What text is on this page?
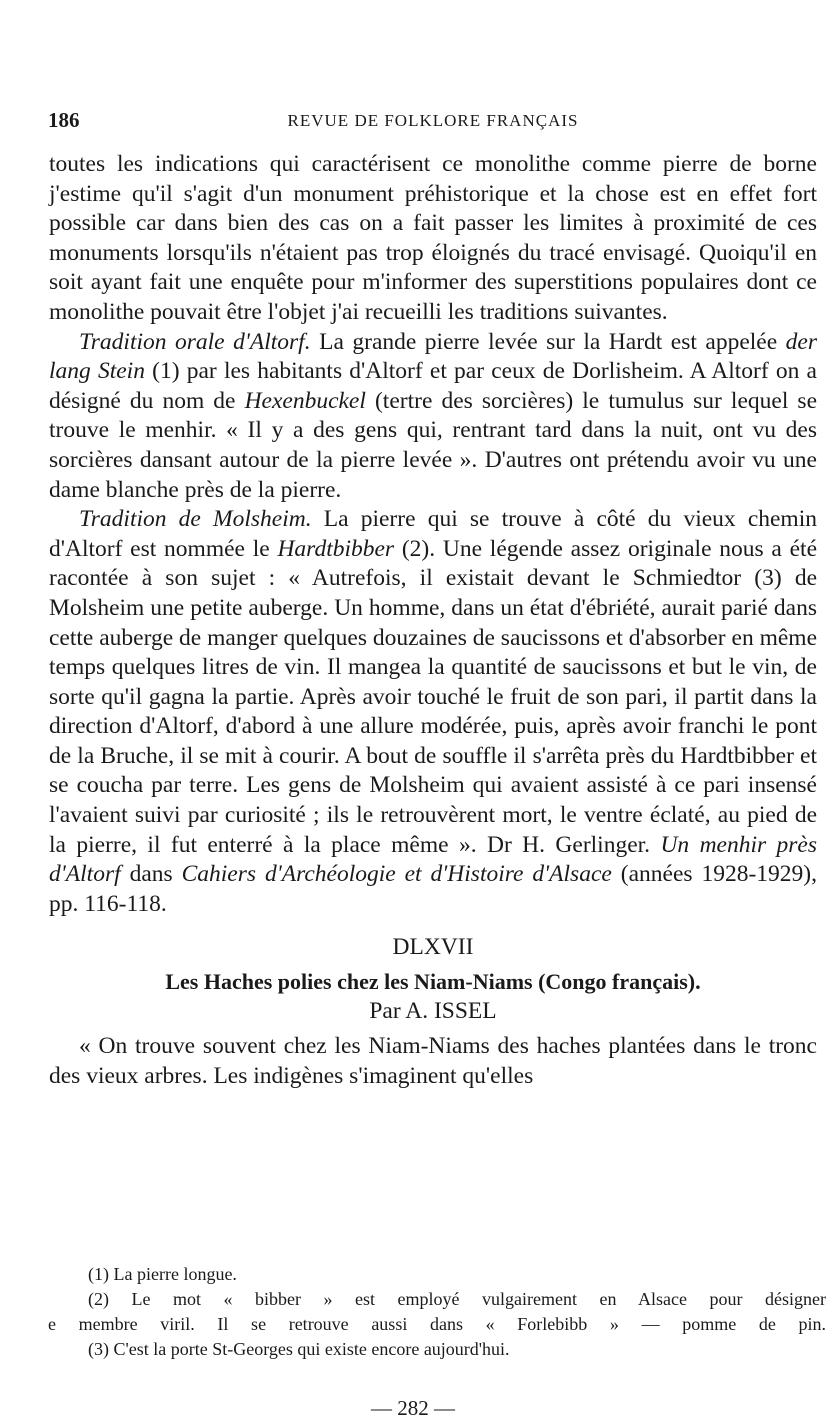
186	REVUE DE FOLKLORE FRANÇAIS

toutes les indications qui caractérisent ce monolithe comme pierre de borne j'estime qu'il s'agit d'un monument préhistorique et la chose est en effet fort possible car dans bien des cas on a fait passer les limites à proximité de ces monuments lorsqu'ils n'étaient pas trop éloignés du tracé envisagé. Quoiqu'il en soit ayant fait une enquête pour m'informer des superstitions populaires dont ce monolithe pouvait être l'objet j'ai recueilli les traditions suivantes.

Tradition orale d'Altorf. La grande pierre levée sur la Hardt est appelée der lang Stein (1) par les habitants d'Altorf et par ceux de Dorlisheim. A Altorf on a désigné du nom de Hexenbuckel (tertre des sorcières) le tumulus sur lequel se trouve le menhir. « Il y a des gens qui, rentrant tard dans la nuit, ont vu des sorcières dansant autour de la pierre levée ». D'autres ont prétendu avoir vu une dame blanche près de la pierre.

Tradition de Molsheim. La pierre qui se trouve à côté du vieux chemin d'Altorf est nommée le Hardtbibber (2). Une légende assez originale nous a été racontée à son sujet : « Autrefois, il existait devant le Schmiedtor (3) de Molsheim une petite auberge. Un homme, dans un état d'ébriété, aurait parié dans cette auberge de manger quelques douzaines de saucissons et d'absorber en même temps quelques litres de vin. Il mangea la quantité de saucissons et but le vin, de sorte qu'il gagna la partie. Après avoir touché le fruit de son pari, il partit dans la direction d'Altorf, d'abord à une allure modérée, puis, après avoir franchi le pont de la Bruche, il se mit à courir. A bout de souffle il s'arrêta près du Hardtbibber et se coucha par terre. Les gens de Molsheim qui avaient assisté à ce pari insensé l'avaient suivi par curiosité ; ils le retrouvèrent mort, le ventre éclaté, au pied de la pierre, il fut enterré à la place même ». Dr H. Gerlinger. Un menhir près d'Altorf dans Cahiers d'Archéologie et d'Histoire d'Alsace (années 1928-1929), pp. 116-118.

DLXVII
Les Haches polies chez les Niam-Niams (Congo français).
Par A. ISSEL

« On trouve souvent chez les Niam-Niams des haches plantées dans le tronc des vieux arbres. Les indigènes s'imaginent qu'elles

(1) La pierre longue.

(2) Le mot « bibber » est employé vulgairement en Alsace pour désigner

e membre viril. Il se retrouve aussi dans « Forlebibb » — pomme de pin.

(3) C'est la porte St-Georges qui existe encore aujourd'hui.

— 282 —
